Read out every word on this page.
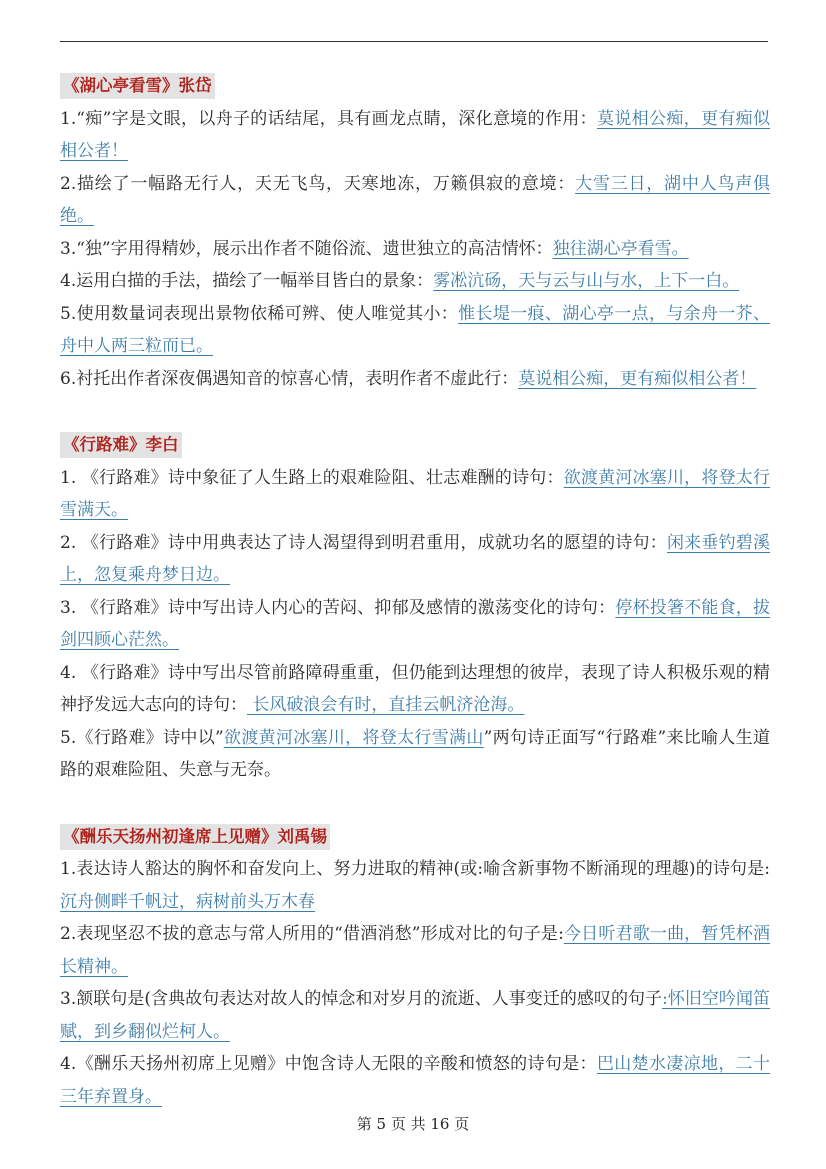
《湖心亭看雪》张岱

1.“痴”字是文眼，以舟子的话结尾，具有画龙点睛，深化意境的作用：莫说相公痴，更有痴似相公者！

2.描绘了一幅路无行人，天无飞鸟，天寒地冻，万籁俱寂的意境：大雪三日，湖中人鸟声俱绝。

3.“独”字用得精妙，展示出作者不随俗流、遗世独立的高洁情怀：独往湖心亭看雪。

4.运用白描的手法，描绘了一幅举目皆白的景象：雾凇沆砀，天与云与山与水，上下一白。

5.使用数量词表现出景物依稀可辨、使人唯觉其小：惟长堤一痕、湖心亭一点，与余舟一芥、舟中人两三粒而已。

6.衬托出作者深夜偶遇知音的惊喜心情，表明作者不虚此行：莫说相公痴，更有痴似相公者！

《行路难》李白

1. 《行路难》诗中象征了人生路上的艰难险阻、壮志难酬的诗句：欲渡黄河冰塞川，将登太行雪满天。

2. 《行路难》诗中用典表达了诗人渴望得到明君重用，成就功名的愿望的诗句：闲来垂钓碧溪上，忽复乘舟梦日边。

3. 《行路难》诗中写出诗人内心的苦闷、抑郁及感情的激荡变化的诗句：停杯投箸不能食，拔剑四顾心茫然。

4. 《行路难》诗中写出尽管前路障碍重重，但仍能到达理想的彼岸，表现了诗人积极乐观的精神抒发远大志向的诗句： 长风破浪会有时，直挂云帆济沧海。

5.《行路难》诗中以”欲渡黄河冰塞川，将登太行雪满山”两句诗正面写“行路难”来比喻人生道路的艰难险阻、失意与无奈。

《酬乐天扬州初逢席上见赠》刘禹锡

1.表达诗人豁达的胸怀和奋发向上、努力进取的精神(或:喻含新事物不断涌现的理趣)的诗句是:沉舟侧畔千帆过，病树前头万木春

2.表现坚忍不拔的意志与常人所用的“借酒消愁”形成对比的句子是:今日听君歌一曲，暂凭杯酒长精神。

3.颔联句是(含典故句表达对故人的悼念和对岁月的流逝、人事变迁的感叹的句子:怀旧空吟闻笛赋，到乡翻似烂柯人。

4.《酬乐天扬州初席上见赠》中饱含诗人无限的辛酸和愤怒的诗句是：巴山楚水凄凉地，二十三年弃置身。

第 5 页 共 16 页
